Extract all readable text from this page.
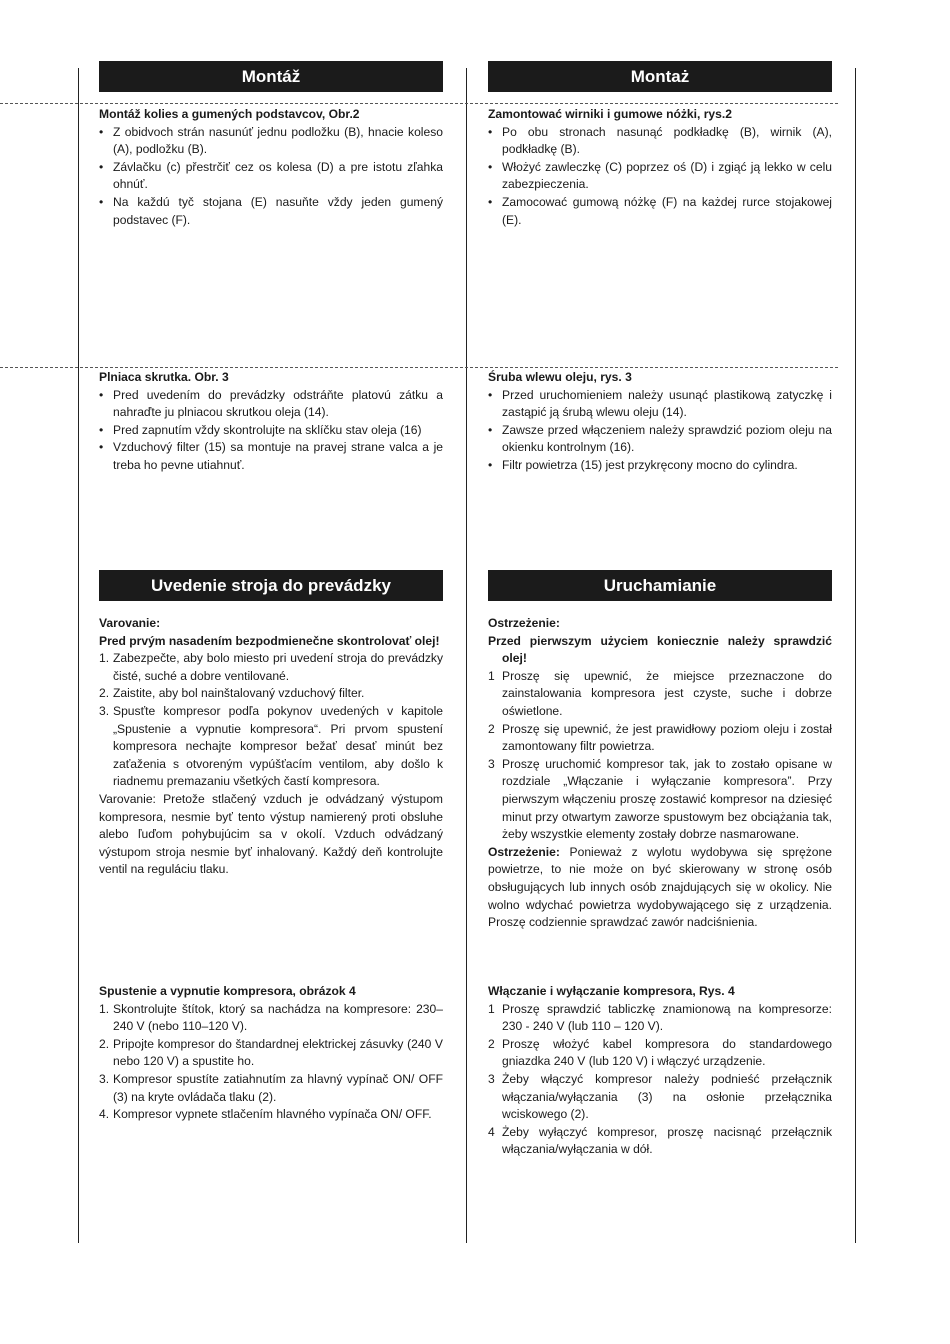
Montáž	Montaż
Uvedenie stroja do prevádzky	Uruchamianie
Montáž kolies a gumených podstavcov, Obr.2
• Z obidvoch strán nasunúť jednu podložku (B), hnacie koleso (A), podložku (B).
• Závlačku (c) přestrčiť cez os kolesa (D) a pre istotu zľahka ohnúť.
• Na každú tyč stojana (E) nasuňte vždy jeden gumený podstavec (F).
Zamontować wirniki i gumowe nóżki, rys.2
• Po obu stronach nasunąć podkładkę (B), wirnik (A), podkładkę (B).
• Włożyć zawleczkę (C) poprzez oś (D) i zgiąć ją lekko w celu zabezpieczenia.
• Zamocować gumową nóżkę (F) na każdej rurce stojakowej (E).
Plniaca skrutka. Obr. 3
• Pred uvedením do prevádzky odstráňte platovú zátku a nahraďte ju plniacou skrutkou oleja (14).
• Pred zapnutím vždy skontrolujte na sklíčku stav oleja (16)
• Vzduchový filter (15) sa montuje na pravej strane valca a je treba ho pevne utiahnuť.
Śruba wlewu oleju, rys. 3
• Przed uruchomieniem należy usunąć plastikową zatyczkę i zastąpić ją śrubą wlewu oleju (14).
• Zawsze przed włączeniem należy sprawdzić poziom oleju na okienku kontrolnym (16).
• Filtr powietrza (15) jest przykręcony mocno do cylindra.
Varovanie:
Pred prvým nasadením bezpodmienečne skontrolovať olej!
1. Zabezpečte, aby bolo miesto pri uvedení stroja do prevádzky čisté, suché a dobre ventilované.
2. Zaistite, aby bol nainštalovaný vzduchový filter.
3. Spusťte kompresor podľa pokynov uvedených v kapitole „Spustenie a vypnutie kompresora“. Pri prvom spustení kompresora nechajte kompresor bežať desať minút bez zaťaženia s otvoreným vypúšťacím ventilom, aby došlo k riadnemu premazaniu všetkých častí kompresora.
Varovanie: Pretože stlačený vzduch je odvádzaný výstupom kompresora, nesmie byť tento výstup namierený proti obsluhe alebo ľuďom pohybujúcim sa v okolí. Vzduch odvádzaný výstupom stroja nesmie byť inhalovaný. Každý deň kontrolujte ventil na reguláciu tlaku.
Ostrzeżenie:
Przed pierwszym użyciem koniecznie należy sprawdzić olej!
1 Proszę się upewnić, że miejsce przeznaczone do zainstalowania kompresora jest czyste, suche i dobrze oświetlone.
2 Proszę się upewnić, że jest prawidłowy poziom oleju i został zamontowany filtr powietrza.
3 Proszę uruchomić kompresor tak, jak to zostało opisane w rozdziale „Włączanie i wyłączanie kompresora”. Przy pierwszym włączeniu proszę zostawić kompresor na dziesięć minut przy otwartym zaworze spustowym bez obciążania tak, żeby wszystkie elementy zostały dobrze nasmarowane.
Ostrzeżenie: Ponieważ z wylotu wydobywa się sprężone powietrze, to nie może on być skierowany w stronę osób obsługujących lub innych osób znajdujących się w okolicy. Nie wolno wdychać powietrza wydobywającego się z urządzenia. Proszę codziennie sprawdzać zawór nadciśnienia.
Spustenie a vypnutie kompresora, obrázok 4
1. Skontrolujte štítok, ktorý sa nachádza na kompresore: 230–240 V (nebo 110–120 V).
2. Pripojte kompresor do štandardnej elektrickej zásuvky (240 V nebo 120 V) a spustite ho.
3. Kompresor spustíte zatiahnutím za hlavný vypínač ON/ OFF (3) na kryte ovládača tlaku (2).
4. Kompresor vypnete stlačením hlavného vypínača ON/ OFF.
Włączanie i wyłączanie kompresora, Rys. 4
1 Proszę sprawdzić tabliczkę znamionową na kompresorze: 230 - 240 V (lub 110 – 120 V).
2 Proszę włożyć kabel kompresora do standardowego gniazdka 240 V (lub 120 V) i włączyć urządzenie.
3 Żeby włączyć kompresor należy podnieść przełącznik włączania/wyłączania (3) na osłonie przełącznika wciskowego (2).
4 Żeby wyłączyć kompresor, proszę nacisnąć przełącznik włączania/wyłączania w dół.
